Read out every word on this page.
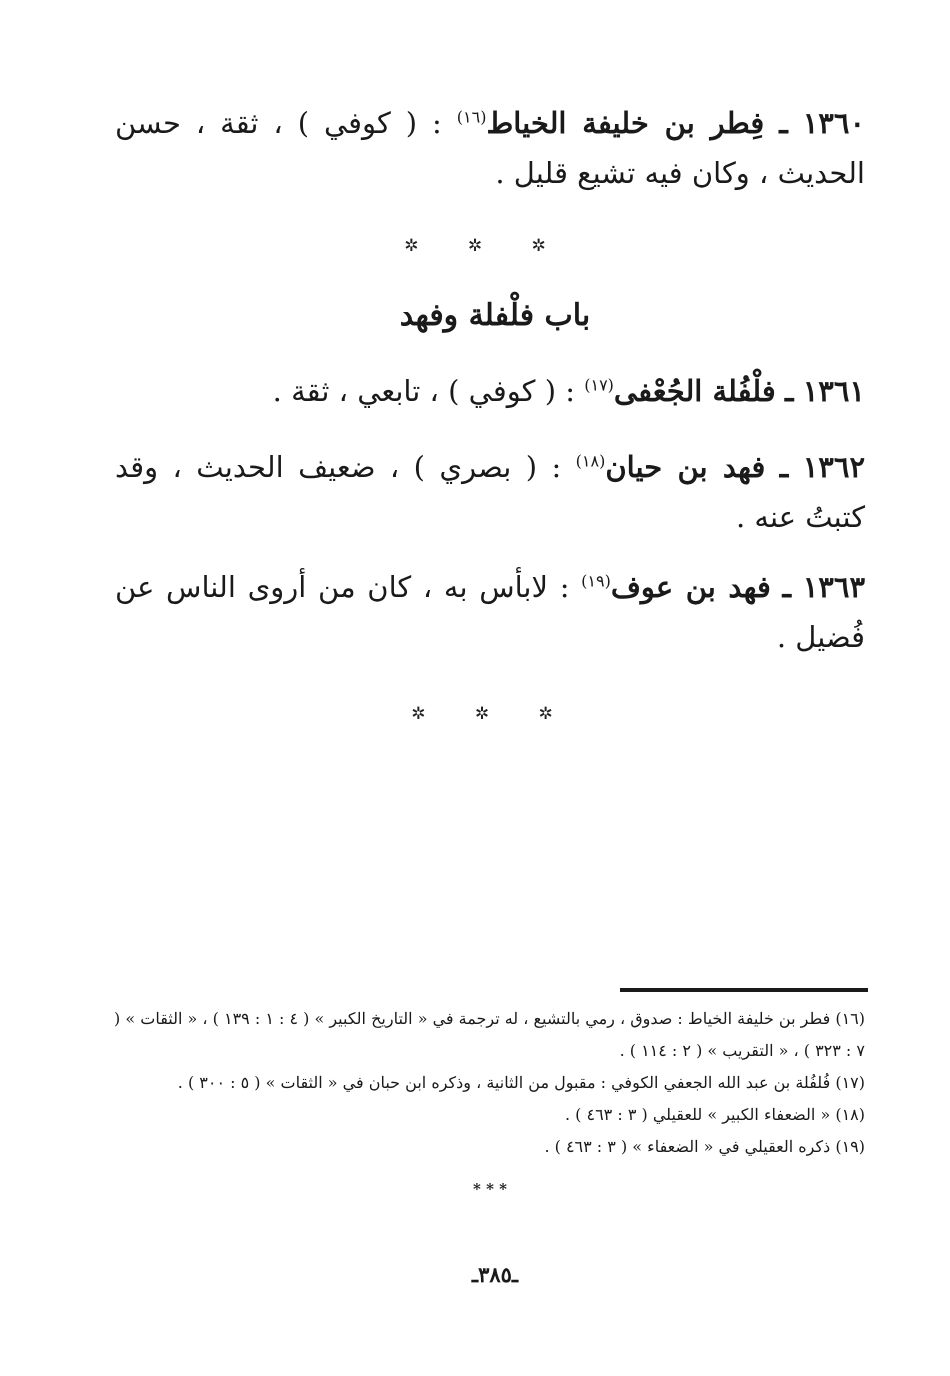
١٣٦٠ ـ فِطر بن خليفة الخياط$^{(١٦)}$ : ( كوفي ) ، ثقة ، حسن الحديث ، وكان فيه تشيع قليل .
✲	✲	✲
باب فلْفلة وفهد
١٣٦١ ـ فلْفُلة الجُعْفى$^{(١٧)}$ : ( كوفي ) ، تابعي ، ثقة .
١٣٦٢ ـ فهد بن حيان$^{(١٨)}$ : ( بصري ) ، ضعيف الحديث ، وقد كتبتُ عنه .
١٣٦٣ ـ فهد بن عوف$^{(١٩)}$ : لابأس به ، كان من أروى الناس عن فُضيل .
✲	✲	✲

(١٦) فطر بن خليفة الخياط : صدوق ، رمي بالتشيع ، له ترجمة في « التاريخ الكبير » ( ٤ : ١ : ١٣٩ ) ، « الثقات » ( ٧ : ٣٢٣ ) ، « التقريب » ( ٢ : ١١٤ ) .

(١٧) فُلفُلة بن عبد الله الجعفي الكوفي : مقبول من الثانية ، وذكره ابن حبان في « الثقات » ( ٥ : ٣٠٠ ) .

(١٨) « الضعفاء الكبير » للعقيلي ( ٣ : ٤٦٣ ) .

(١٩) ذكره العقيلي في « الضعفاء » ( ٣ : ٤٦٣ ) .

* * *
ـ٣٨٥ـ
